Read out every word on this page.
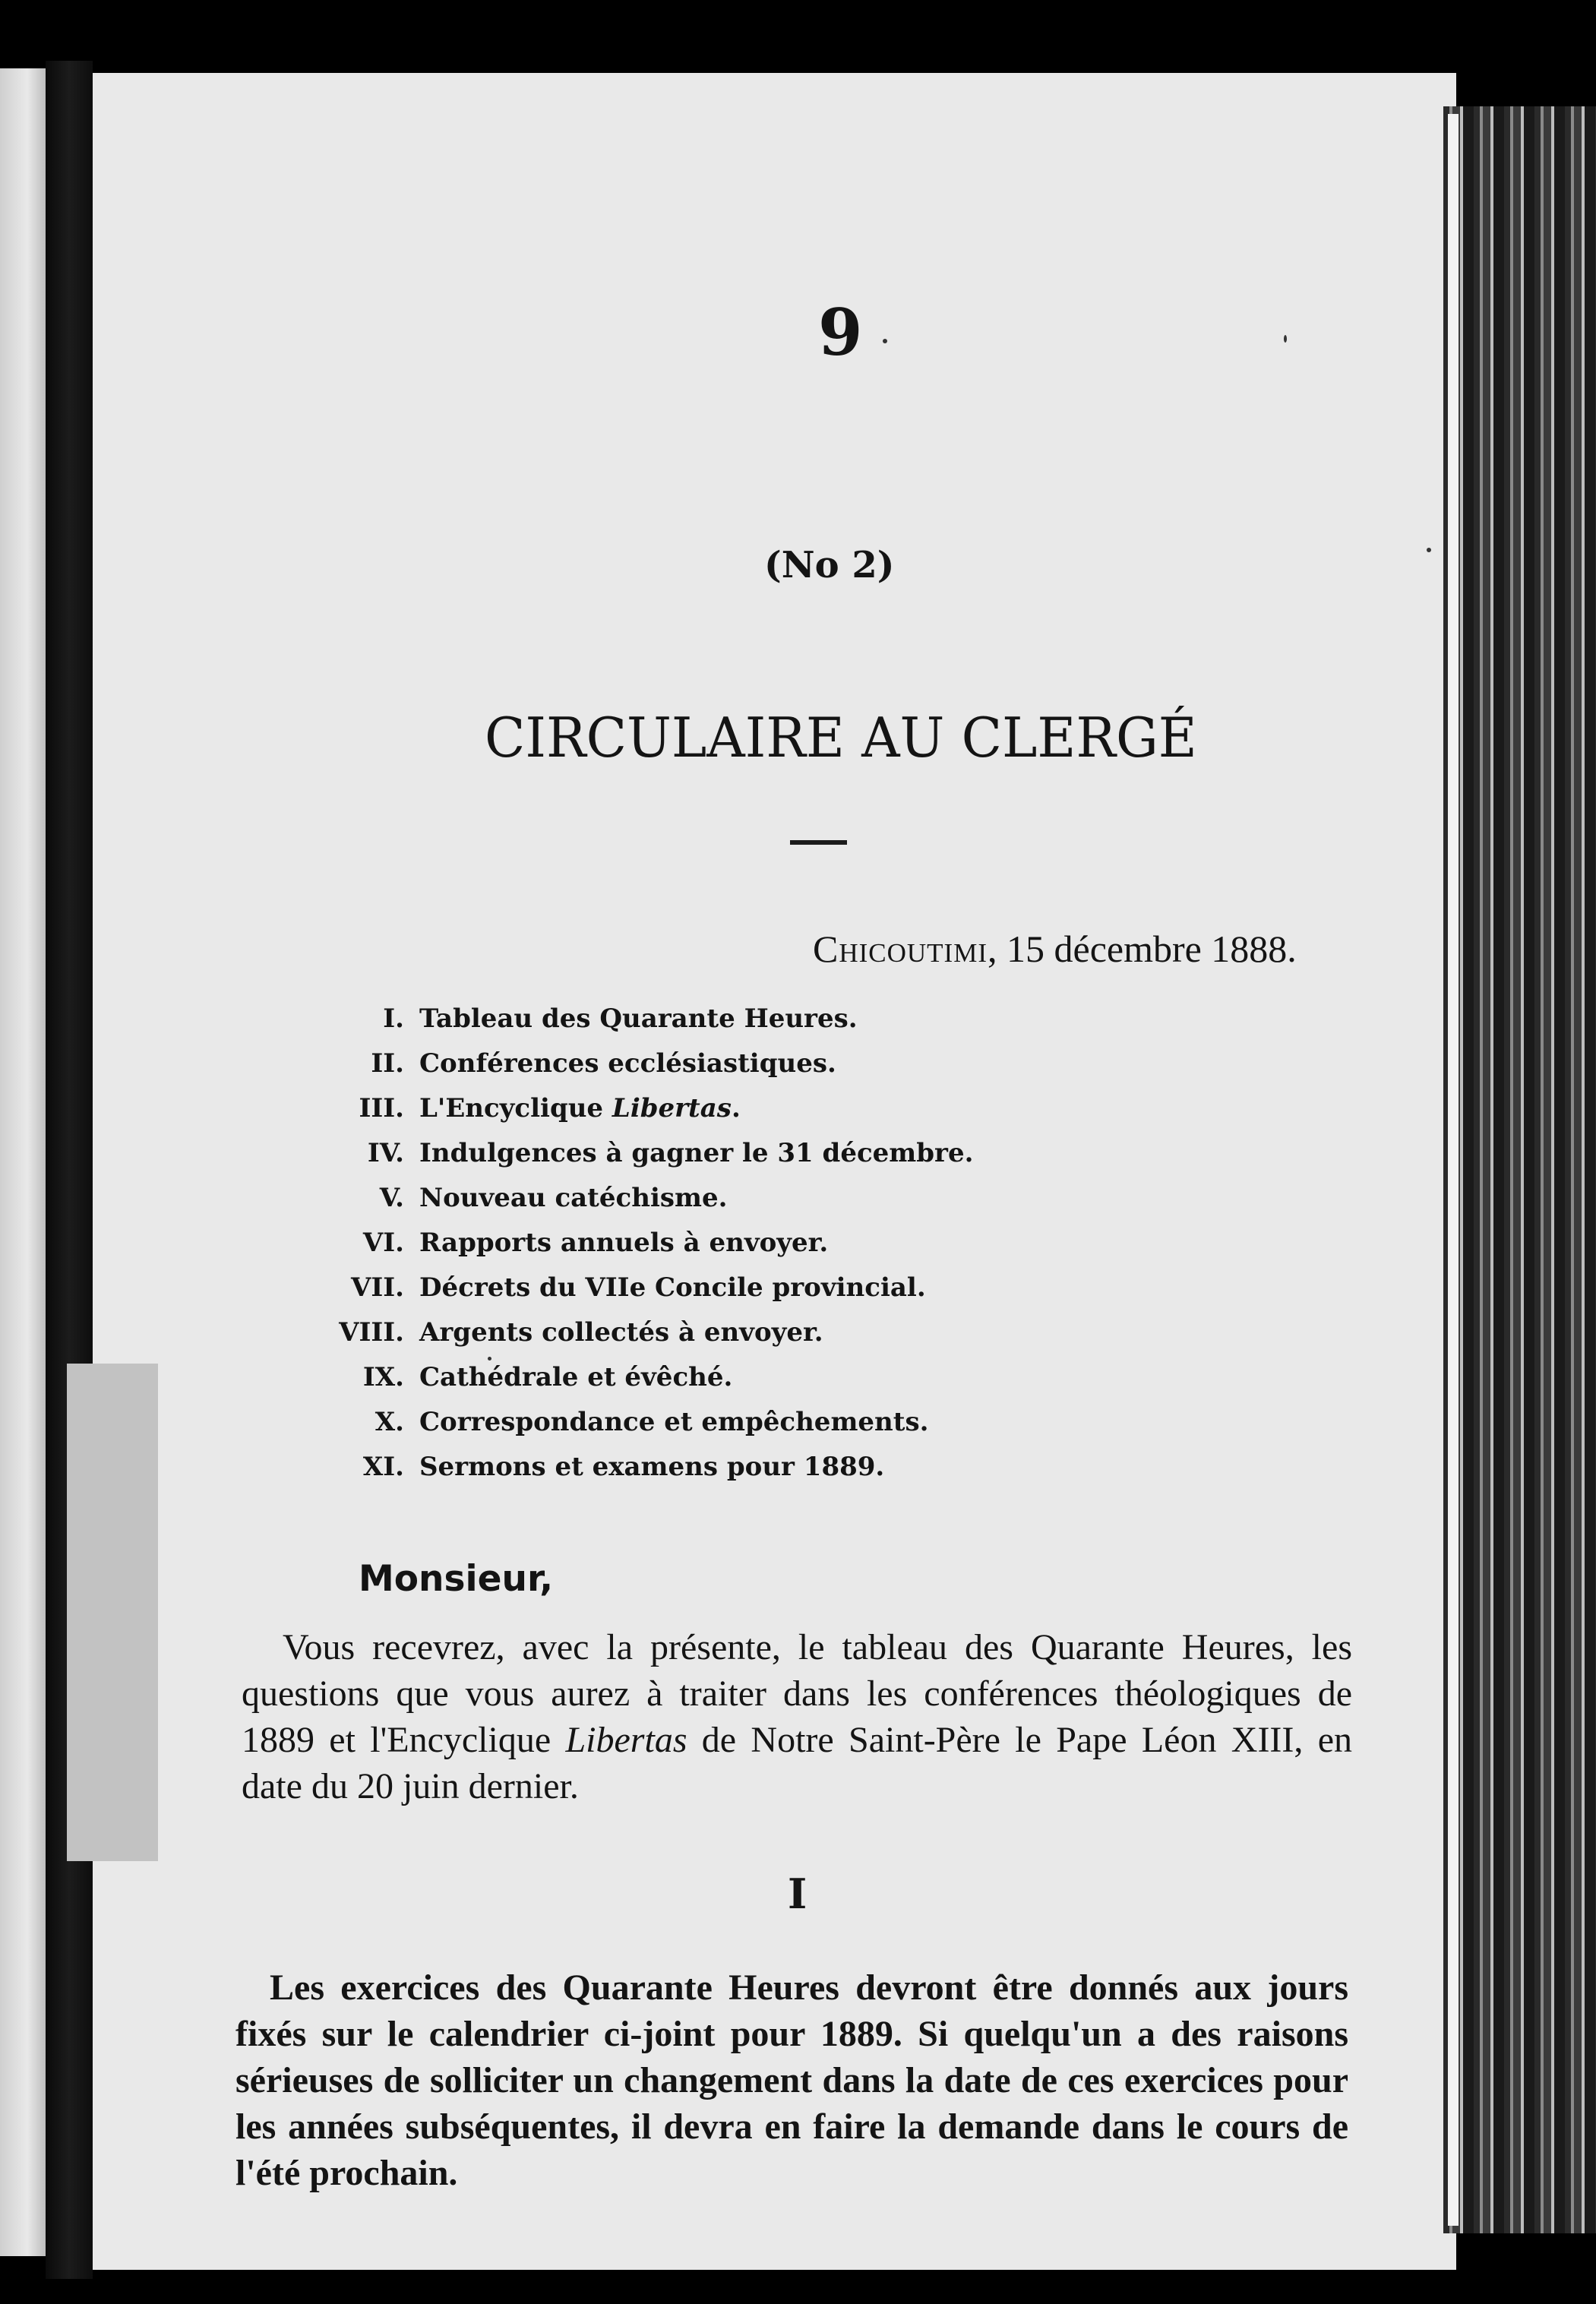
9
(No 2)
CIRCULAIRE AU CLERGÉ
Chicoutimi, 15 décembre 1888.
I. Tableau des Quarante Heures.
II. Conférences ecclésiastiques.
III. L'Encyclique Libertas.
IV. Indulgences à gagner le 31 décembre.
V. Nouveau catéchisme.
VI. Rapports annuels à envoyer.
VII. Décrets du VIIe Concile provincial.
VIII. Argents collectés à envoyer.
IX. Cathédrale et évêché.
X. Correspondance et empêchements.
XI. Sermons et examens pour 1889.
Monsieur,
Vous recevrez, avec la présente, le tableau des Quarante Heures, les questions que vous aurez à traiter dans les conférences théologiques de 1889 et l'Encyclique Libertas de Notre Saint-Père le Pape Léon XIII, en date du 20 juin dernier.
I
Les exercices des Quarante Heures devront être donnés aux jours fixés sur le calendrier ci-joint pour 1889. Si quelqu'un a des raisons sérieuses de solliciter un changement dans la date de ces exercices pour les années subséquentes, il devra en faire la demande dans le cours de l'été prochain.
